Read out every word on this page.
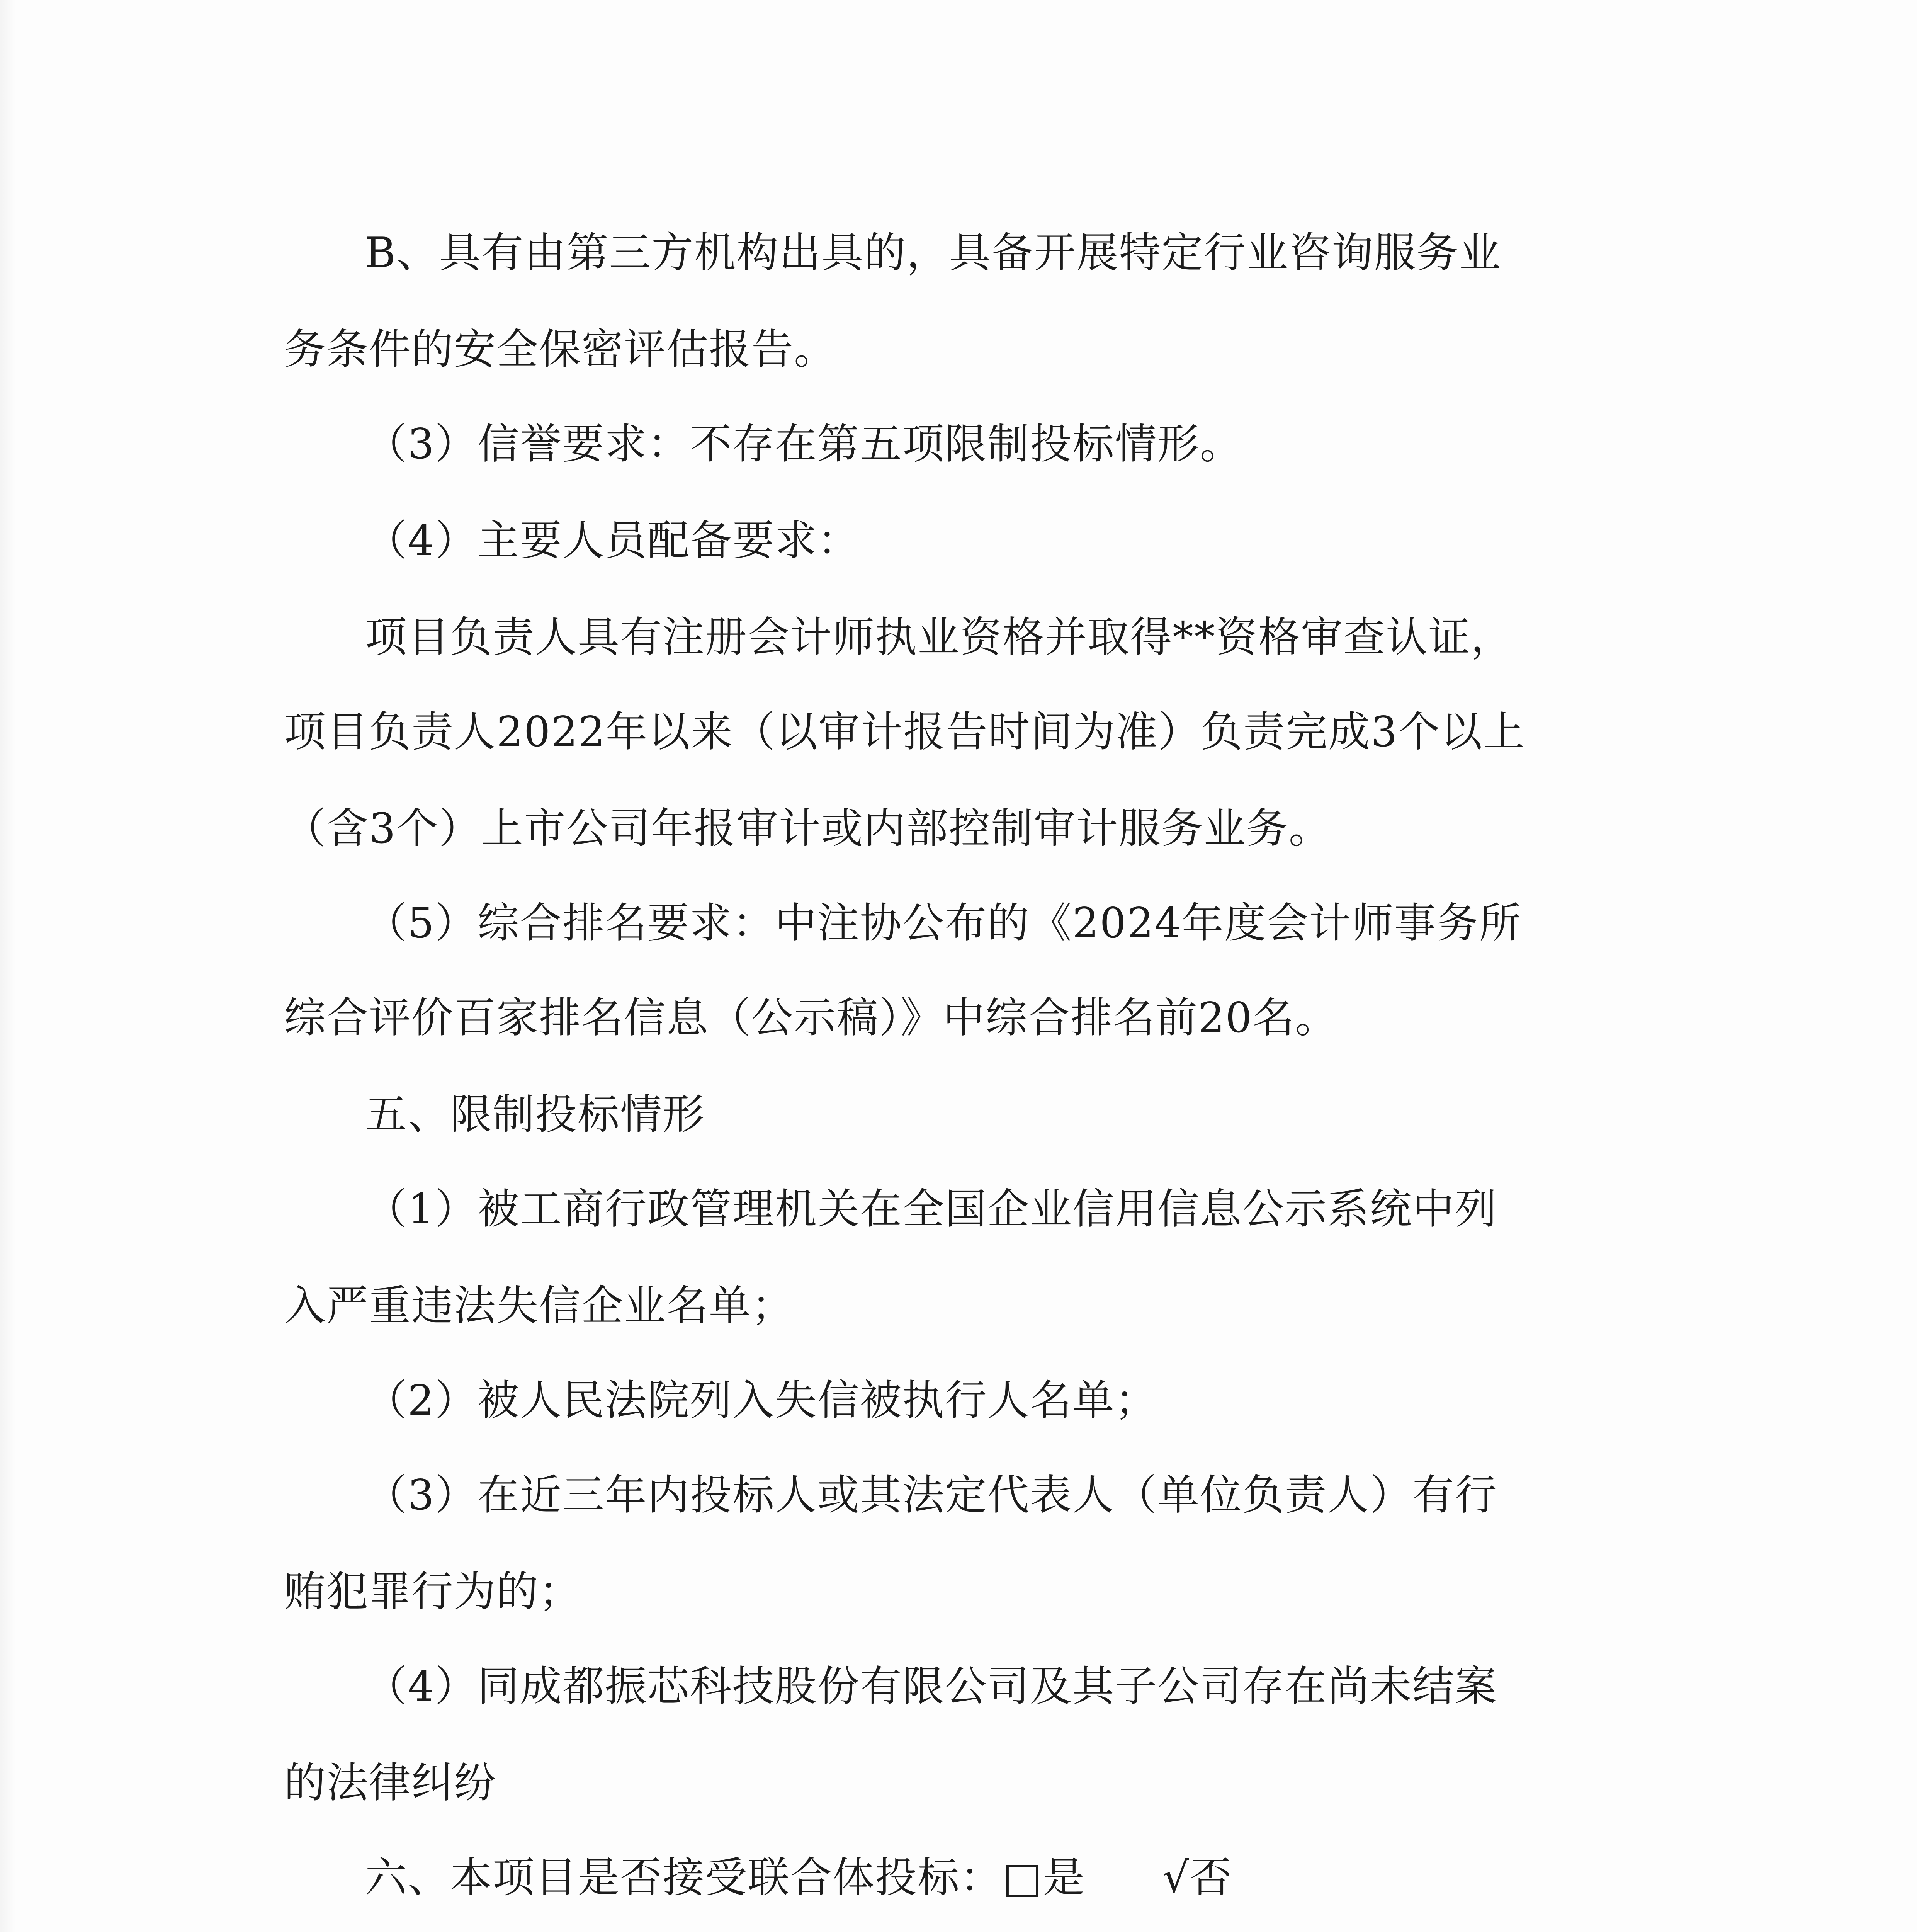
B、具有由第三方机构出具的，具备开展特定行业咨询服务业
务条件的安全保密评估报告。
（3）信誉要求：不存在第五项限制投标情形。
（4）主要人员配备要求：
项目负责人具有注册会计师执业资格并取得**资格审查认证，
项目负责人2022年以来（以审计报告时间为准）负责完成3个以上
（含3个）上市公司年报审计或内部控制审计服务业务。
（5）综合排名要求：中注协公布的《2024年度会计师事务所
综合评价百家排名信息（公示稿）》中综合排名前20名。
五、限制投标情形
（1）被工商行政管理机关在全国企业信用信息公示系统中列
入严重违法失信企业名单；
（2）被人民法院列入失信被执行人名单；
（3）在近三年内投标人或其法定代表人（单位负责人）有行
贿犯罪行为的；
（4）同成都振芯科技股份有限公司及其子公司存在尚未结案
的法律纠纷
六、本项目是否接受联合体投标：□是 √否
